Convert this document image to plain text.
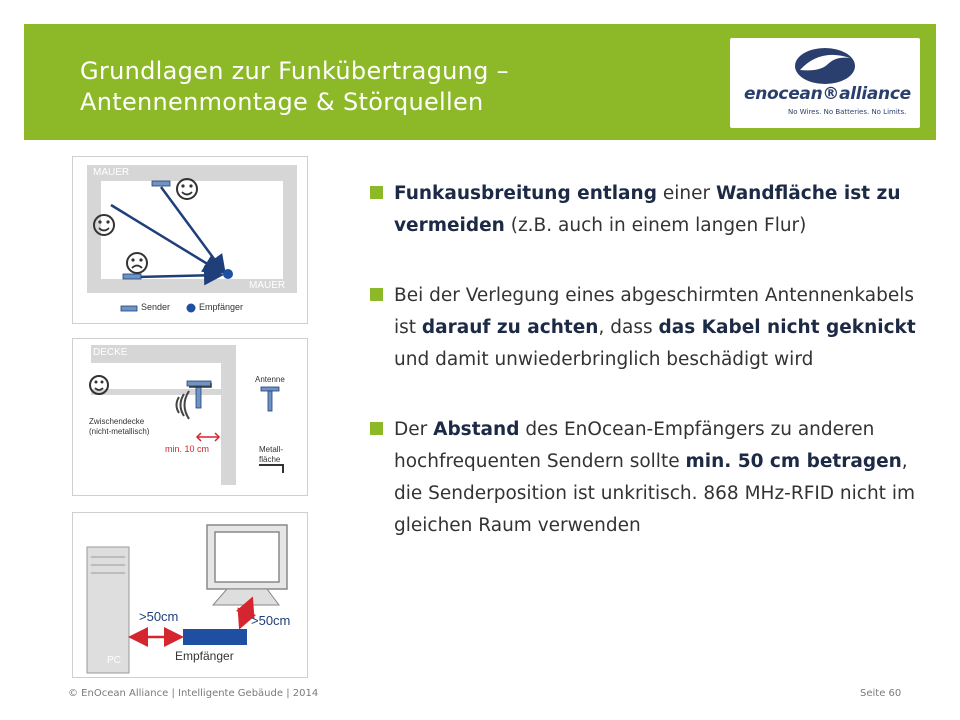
Grundlagen zur Funkübertragung –
Antennenmontage & Störquellen	enocean®alliance
No Wires. No Batteries. No Limits.
MAUER
MAUER
Sender	Empfänger
DECKE
Antenne
Zwischendecke
(nicht-metallisch)
min. 10 cm	Metall-
fläche
>50cm	>50cm
Empfänger
PC
Funkausbreitung entlang einer Wandfläche ist zu vermeiden (z.B. auch in einem langen Flur)
Bei der Verlegung eines abgeschirmten Antennenkabels ist darauf zu achten, dass das Kabel nicht geknickt und damit unwiederbringlich beschädigt wird
Der Abstand des EnOcean-Empfängers zu anderen hochfrequenten Sendern sollte min. 50 cm betragen, die Senderposition ist unkritisch. 868 MHz-RFID nicht im gleichen Raum verwenden
© EnOcean Alliance | Intelligente Gebäude | 2014	Seite 60
